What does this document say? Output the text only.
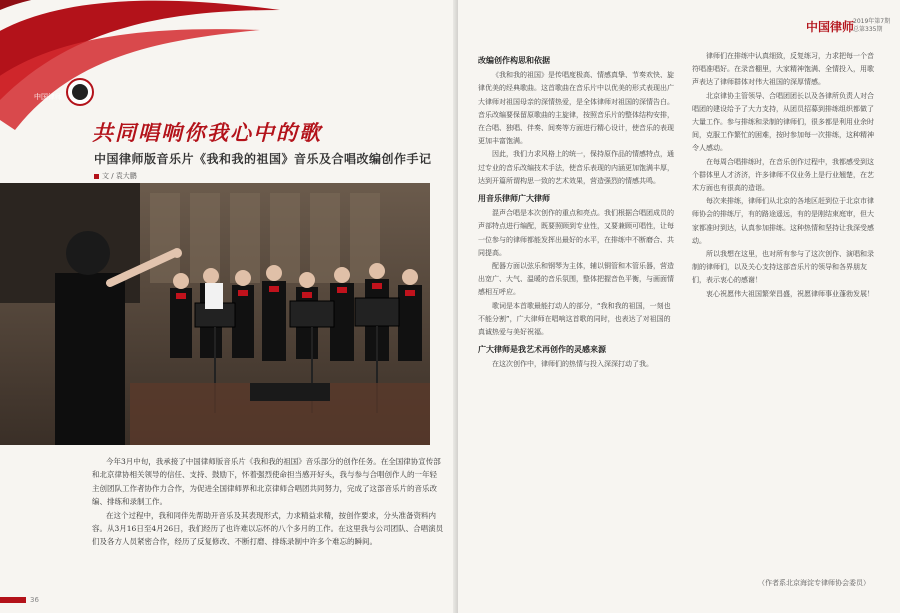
中国律师
共同唱响你我心中的歌
中国律师版音乐片《我和我的祖国》音乐及合唱改编创作手记
文 / 袁大鹏

今年3月中旬，我承接了中国律师版音乐片《我和我的祖国》音乐部分的创作任务。在全国律协宣传部和北京律协相关领导的信任、支持、鼓励下，怀着强烈使命担当感开好头，我与参与合唱创作人的一年轻主创团队工作者协作力合作，为促进全国律师界和北京律师合唱团共同努力，完成了这部音乐片的音乐改编、排练和录制工作。

在这个过程中，我和同伴先帮助开音乐及其表现形式，力求精益求精，按创作要求，分头准备资料内容。从3月16日至4月26日，我们经历了也许难以忘怀的八个多月的工作。在这里我与公司团队、合唱演员们及各方人员紧密合作，经历了反复修改、不断打磨、排练录制中许多个难忘的瞬间。

36
中国律师
2019年第7期
总第335期
改编创作构思和依据

《我和我的祖国》是传唱度极高、情感真挚、节奏欢快、旋律优美的经典歌曲。这首歌曲在音乐片中以优美的形式表现出广大律师对祖国母亲的深情热爱，是全体律师对祖国的深情告白。音乐改编要保留原歌曲的主旋律，按照音乐片的整体结构安排，在合唱、独唱、伴奏、间奏等方面进行精心设计，使音乐的表现更加丰富饱满。

因此，我们力求风格上的统一，保持原作品的情感特点，通过专业的音乐改编技术手法，使音乐表现的内涵更加饱满丰厚，达到开篇所谓构思一致的艺术效果，营造强烈的情感共鸣。

用音乐律师广大律师

混声合唱是本次创作的重点和亮点。我们根据合唱团成员的声部特点进行编配，既要照顾到专业性，又要兼顾可唱性，让每一位参与的律师都能发挥出最好的水平，在排练中不断磨合、共同提高。

配器方面以弦乐和钢琴为主体，辅以铜管和木管乐器，营造出宽广、大气、温暖的音乐氛围，整体把握音色平衡，与画面情感相互呼应。

歌词是本首歌最能打动人的部分，“我和我的祖国，一刻也不能分割”，广大律师在唱响这首歌的同时，也表达了对祖国的真诚热爱与美好祝福。

广大律师是我艺术再创作的灵感来源

在这次创作中，律师们的热情与投入深深打动了我。

律师们在排练中认真细致，反复练习，力求把每一个音符唱准唱好。在录音棚里，大家精神饱满、全情投入，用歌声表达了律师群体对伟大祖国的深厚情感。

北京律协主管领导、合唱团团长以及各律所负责人对合唱团的建设给予了大力支持，从团员招募到排练组织都做了大量工作。参与排练和录制的律师们，很多都是利用业余时间，克服工作繁忙的困难，按时参加每一次排练，这种精神令人感动。

在每周合唱排练时，在音乐创作过程中，我都感受到这个群体里人才济济，许多律师不仅业务上是行业翘楚，在艺术方面也有很高的造诣。

每次来排练，律师们从北京的各地区赶到位于北京市律师协会的排练厅，有的路途遥远，有的是刚结束庭审，但大家都准时到达，认真参加排练。这种热情和坚持让我深受感动。

所以我想在这里，也对所有参与了这次创作、演唱和录制的律师们，以及关心支持这部音乐片的领导和各界朋友们，表示衷心的感谢！

衷心祝愿伟大祖国繁荣昌盛，祝愿律师事业蓬勃发展！

（作者系北京海淀专律师协会委员）
